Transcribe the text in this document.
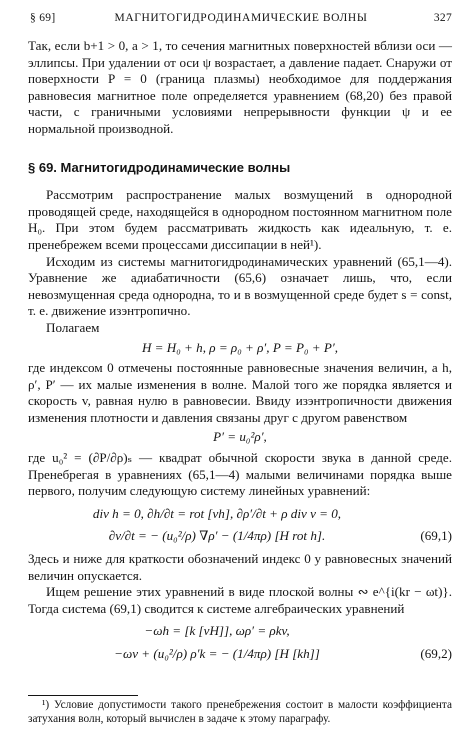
§ 69]	МАГНИТОГИДРОДИНАМИЧЕСКИЕ ВОЛНЫ	327

Так, если b+1 > 0, a > 1, то сечения магнитных поверхностей вблизи оси — эллипсы. При удалении от оси ψ возрастает, а давление падает. Снаружи от поверхности P = 0 (граница плазмы) необходимое для поддержания равновесия магнитное поле определяется уравнением (68,20) без правой части, с граничными условиями непрерывности функции ψ и ее нормальной производной.

§ 69. Магнитогидродинамические волны

Рассмотрим распространение малых возмущений в однородной проводящей среде, находящейся в однородном постоянном магнитном поле H₀. При этом будем рассматривать жидкость как идеальную, т. е. пренебрежем всеми процессами диссипации в ней¹).

Исходим из системы магнитогидродинамических уравнений (65,1—4). Уравнение же адиабатичности (65,6) означает лишь, что, если невозмущенная среда однородна, то и в возмущенной среде будет s = const, т. е. движение изэнтропично.

Полагаем

H = H₀ + h, ρ = ρ₀ + ρ′, P = P₀ + P′,

где индексом 0 отмечены постоянные равновесные значения величин, а h, ρ′, P′ — их малые изменения в волне. Малой того же порядка является и скорость v, равная нулю в равновесии. Ввиду изэнтропичности движения изменения плотности и давления связаны друг с другом равенством

P′ = u₀²ρ′,

где u₀² = (∂P/∂ρ)ₛ — квадрат обычной скорости звука в данной среде. Пренебрегая в уравнениях (65,1—4) малыми величинами порядка выше первого, получим следующую систему линейных уравнений:

div h = 0, ∂h/∂t = rot [vh], ∂ρ′/∂t + ρ div v = 0,
∂v/∂t = − (u₀²/ρ) ∇ρ′ − (1/4πρ) [H rot h].	(69,1)

Здесь и ниже для краткости обозначений индекс 0 у равновесных значений величин опускается.

Ищем решение этих уравнений в виде плоской волны ∾ e^{i(kr − ωt)}. Тогда система (69,1) сводится к системе алгебраических уравнений

−ωh = [k [vH]], ωρ′ = ρkv,
−ωv + (u₀²/ρ) ρ′k = − (1/4πρ) [H [kh]]	(69,2)

¹) Условие допустимости такого пренебрежения состоит в малости коэффициента затухания волн, который вычислен в задаче к этому параграфу.
